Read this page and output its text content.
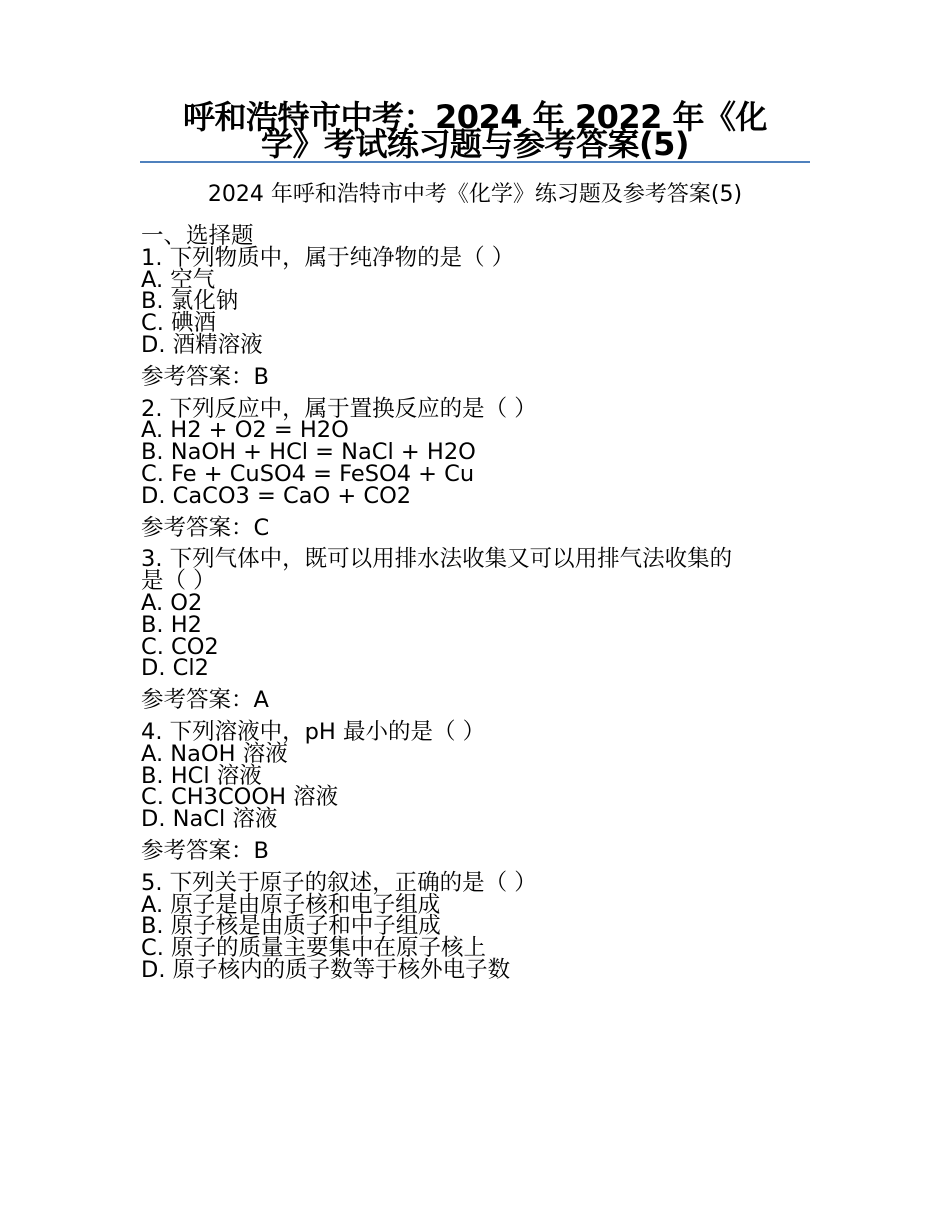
呼和浩特市中考：2024 年 2022 年《化
学》考试练习题与参考答案(5)
2024 年呼和浩特市中考《化学》练习题及参考答案(5)
一、选择题
1. 下列物质中，属于纯净物的是（ ）
A. 空气
B. 氯化钠
C. 碘酒
D. 酒精溶液
参考答案：B
2. 下列反应中，属于置换反应的是（ ）
A. H2 + O2 = H2O
B. NaOH + HCl = NaCl + H2O
C. Fe + CuSO4 = FeSO4 + Cu
D. CaCO3 = CaO + CO2
参考答案：C
3. 下列气体中，既可以用排水法收集又可以用排气法收集的
是（ ）
A. O2
B. H2
C. CO2
D. Cl2
参考答案：A
4. 下列溶液中，pH 最小的是（ ）
A. NaOH 溶液
B. HCl 溶液
C. CH3COOH 溶液
D. NaCl 溶液
参考答案：B
5. 下列关于原子的叙述，正确的是（ ）
A. 原子是由原子核和电子组成
B. 原子核是由质子和中子组成
C. 原子的质量主要集中在原子核上
D. 原子核内的质子数等于核外电子数
